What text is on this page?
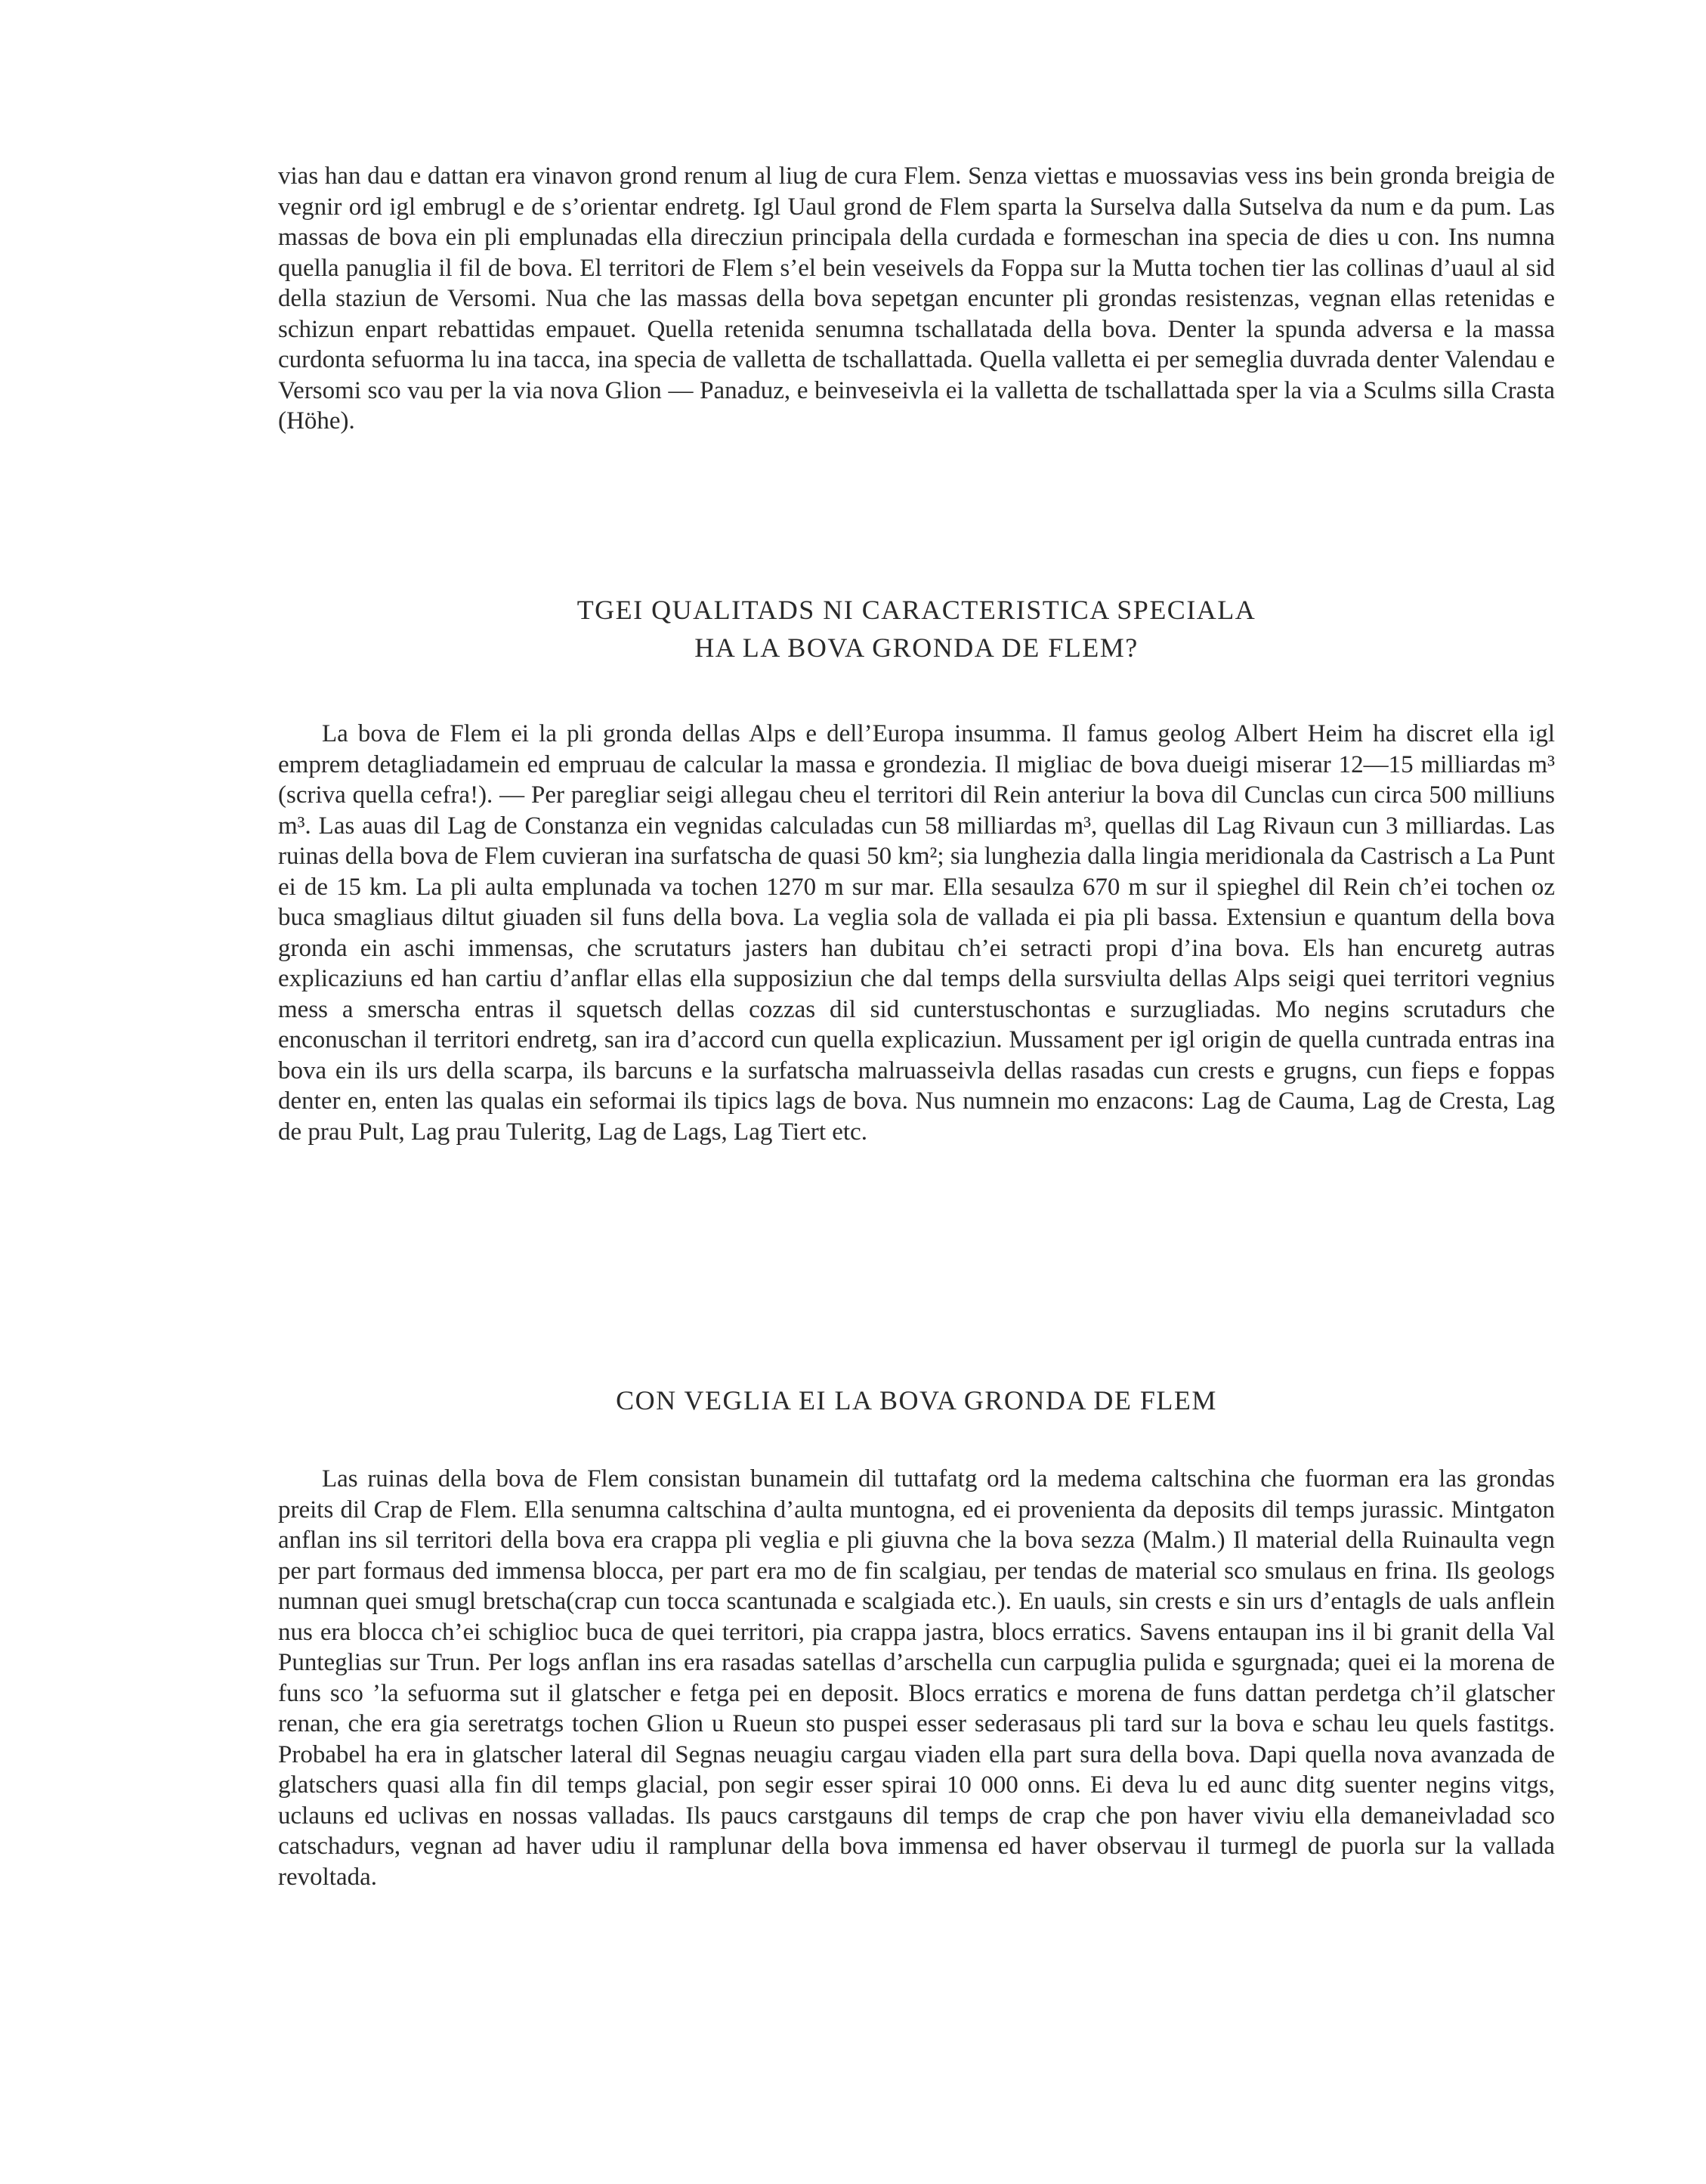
vias han dau e dattan era vinavon grond renum al liug de cura Flem. Senza viettas e muossavias vess ins bein gronda breigia de vegnir ord igl embrugl e de s’orientar endretg. Igl Uaul grond de Flem sparta la Surselva dalla Sutselva da num e da pum. Las massas de bova ein pli emplunadas ella direcziun principala della curdada e formeschan ina specia de dies u con. Ins numna quella panuglia il fil de bova. El territori de Flem s’el bein veseivels da Foppa sur la Mutta tochen tier las collinas d’uaul al sid della staziun de Versomi. Nua che las massas della bova sepetgan encunter pli grondas resistenzas, vegnan ellas retenidas e schizun enpart rebattidas empauet. Quella retenida senumna tschallatada della bova. Denter la spunda adversa e la massa curdonta sefuorma lu ina tacca, ina specia de valletta de tschallattada. Quella valletta ei per semeglia duvrada denter Valendau e Versomi sco vau per la via nova Glion — Panaduz, e beinveseivla ei la valletta de tschallattada sper la via a Sculms silla Crasta (Höhe).

TGEI QUALITADS NI CARACTERISTICA SPECIALA
HA LA BOVA GRONDA DE FLEM?

La bova de Flem ei la pli gronda dellas Alps e dell’Europa insumma. Il famus geolog Albert Heim ha discret ella igl emprem detagliadamein ed empruau de calcular la massa e grondezia. Il migliac de bova dueigi miserar 12—15 milliardas m³ (scriva quella cefra!). — Per paregliar seigi allegau cheu el territori dil Rein anteriur la bova dil Cunclas cun circa 500 milliuns m³. Las auas dil Lag de Constanza ein vegnidas calculadas cun 58 milliardas m³, quellas dil Lag Rivaun cun 3 milliardas. Las ruinas della bova de Flem cuvieran ina surfatscha de quasi 50 km²; sia lunghezia dalla lingia meridionala da Castrisch a La Punt ei de 15 km. La pli aulta emplunada va tochen 1270 m sur mar. Ella sesaulza 670 m sur il spieghel dil Rein ch’ei tochen oz buca smagliaus diltut giuaden sil funs della bova. La veglia sola de vallada ei pia pli bassa. Extensiun e quantum della bova gronda ein aschi immensas, che scrutaturs jasters han dubitau ch’ei setracti propi d’ina bova. Els han encuretg autras explicaziuns ed han cartiu d’anflar ellas ella supposiziun che dal temps della sursviulta dellas Alps seigi quei territori vegnius mess a smerscha entras il squetsch dellas cozzas dil sid cunterstuschontas e surzugliadas. Mo negins scrutadurs che enconuschan il territori endretg, san ira d’accord cun quella explicaziun. Mussament per igl origin de quella cuntrada entras ina bova ein ils urs della scarpa, ils barcuns e la surfatscha malruasseivla dellas rasadas cun crests e grugns, cun fieps e foppas denter en, enten las qualas ein seformai ils tipics lags de bova. Nus numnein mo enzacons: Lag de Cauma, Lag de Cresta, Lag de prau Pult, Lag prau Tuleritg, Lag de Lags, Lag Tiert etc.

CON VEGLIA EI LA BOVA GRONDA DE FLEM

Las ruinas della bova de Flem consistan bunamein dil tuttafatg ord la medema caltschina che fuorman era las grondas preits dil Crap de Flem. Ella senumna caltschina d’aulta muntogna, ed ei provenienta da deposits dil temps jurassic. Mintgaton anflan ins sil territori della bova era crappa pli veglia e pli giuvna che la bova sezza (Malm.) Il material della Ruinaulta vegn per part formaus ded immensa blocca, per part era mo de fin scalgiau, per tendas de material sco smulaus en frina. Ils geologs numnan quei smugl bretscha(crap cun tocca scantunada e scalgiada etc.). En uauls, sin crests e sin urs d’entagls de uals anflein nus era blocca ch’ei schiglioc buca de quei territori, pia crappa jastra, blocs erratics. Savens entaupan ins il bi granit della Val Punteglias sur Trun. Per logs anflan ins era rasadas satellas d’arschella cun carpuglia pulida e sgurgnada; quei ei la morena de funs sco ’la sefuorma sut il glatscher e fetga pei en deposit. Blocs erratics e morena de funs dattan perdetga ch’il glatscher renan, che era gia seretratgs tochen Glion u Rueun sto puspei esser sederasaus pli tard sur la bova e schau leu quels fastitgs. Probabel ha era in glatscher lateral dil Segnas neuagiu cargau viaden ella part sura della bova. Dapi quella nova avanzada de glatschers quasi alla fin dil temps glacial, pon segir esser spirai 10 000 onns. Ei deva lu ed aunc ditg suenter negins vitgs, uclauns ed uclivas en nossas valladas. Ils paucs carstgauns dil temps de crap che pon haver viviu ella demaneivladad sco catschadurs, vegnan ad haver udiu il ramplunar della bova immensa ed haver observau il turmegl de puorla sur la vallada revoltada.
